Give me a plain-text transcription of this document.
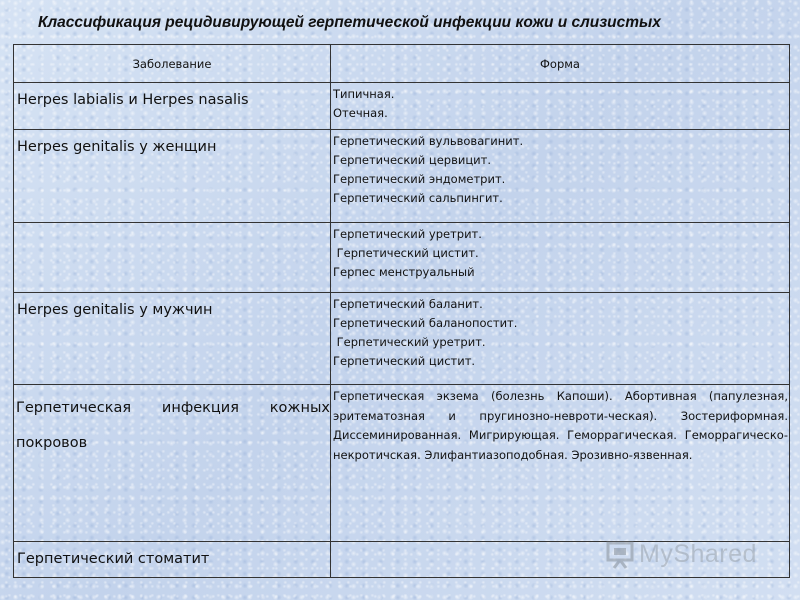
Классификация рецидивирующей герпетической инфекции кожи и слизистых
Заболевание	Форма

Herpes labialis и Herpes nasalis	Типичная.
Отечная.

Herpes genitalis у женщин	Герпетический вульвовагинит.
Герпетический цервицит.
Герпетический эндометрит.
Герпетический сальпингит.

	Герпетический уретрит.
Герпетический цистит.
Герпес менструальный

Herpes genitalis у мужчин	Герпетический баланит.
Герпетический баланопостит.
Герпетический уретрит.
Герпетический цистит.

Герпетическая инфекция кожных покровов	Герпетическая экзема (болезнь Капоши). Абортивная (папулезная, эритематозная и пругинозно-невроти-ческая). Зостериформная. Диссеминированная. Мигрирующая. Геморрагическая. Геморрагическо-некротичская. Элифантиазоподобная. Эрозивно-язвенная.

Герпетический стоматит	
		MyShared
